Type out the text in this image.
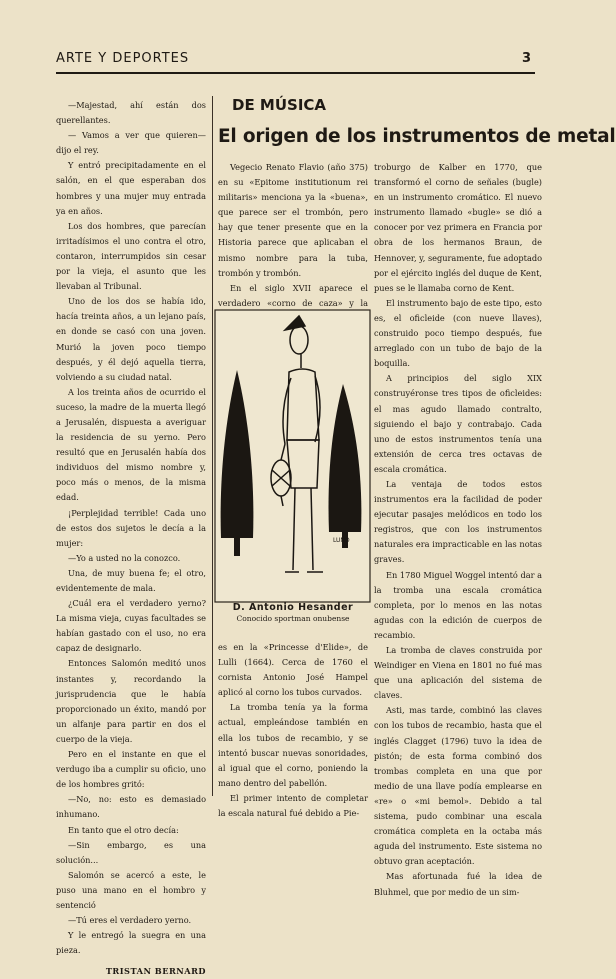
ARTE Y DEPORTES	3

—Majestad, ahí están dos querellantes.

— Vamos a ver que quieren— dijo el rey.

Y entró precipitadamente en el salón, en el que esperaban dos hombres y una mujer muy entrada ya en años.

Los dos hombres, que parecían irritadísimos el uno contra el otro, contaron, interrumpidos sin cesar por la vieja, el asunto que les llevaban al Tribunal.

Uno de los dos se había ido, hacía treinta años, a un lejano país, en donde se casó con una joven. Murió la joven poco tiempo después, y él dejó aquella tierra, volviendo a su ciudad natal.

A los treinta años de ocurrido el suceso, la madre de la muerta llegó a Jerusalén, dispuesta a averiguar la residencia de su yerno. Pero resultó que en Jerusalén había dos individuos del mismo nombre y, poco más o menos, de la misma edad.

¡Perplejidad terrible! Cada uno de estos dos sujetos le decía a la mujer:

—Yo a usted no la conozco.

Una, de muy buena fe; el otro, evidentemente de mala.

¿Cuál era el verdadero yerno? La misma vieja, cuyas facultades se habían gastado con el uso, no era capaz de designarlo.

Entonces Salomón meditó unos instantes y, recordando la jurisprudencia que le había proporcionado un éxito, mandó por un alfanje para partir en dos el cuerpo de la vieja.

Pero en el instante en que el verdugo iba a cumplir su oficio, uno de los hombres gritó:

—No, no: esto es demasiado inhumano.

En tanto que el otro decía:

—Sin embargo, es una solución...

Salomón se acercó a este, le puso una mano en el hombro y sentenció

—Tú eres el verdadero yerno.

Y le entregó la suegra en una pieza.

TRISTAN BERNARD
DE MÚSICA
El origen de los instrumentos de metal

Vegecio Renato Flavio (año 375) en su «Epitome institutionum rei militaris» menciona ya la «buena», que parece ser el trombón, pero hay que tener presente que en la Historia parece que aplicaban el mismo nombre para la tuba, trombón y trombón.

En el siglo XVII aparece el verdadero «corno de caza» y la

LUNO
D. Antonio Hesander
Conocido sportman onubense

es en la «Princesse d'Elide», de Lulli (1664). Cerca de 1760 el cornista Antonio José Hampel aplicó al corno los tubos curvados.

La tromba tenía ya la forma actual, empleándose también en ella los tubos de recambio, y se intentó buscar nuevas sonoridades, al igual que el corno, poniendo la mano dentro del pabellón.

El primer intento de completar la escala natural fué debido a Pie-

troburgo de Kalber en 1770, que transformó el corno de señales (bugle) en un instrumento cromático. El nuevo instrumento llamado «bugle» se dió a conocer por vez primera en Francia por obra de los hermanos Braun, de Hennover, y, seguramente, fue adoptado por el ejército inglés del duque de Kent, pues se le llamaba corno de Kent.

El instrumento bajo de este tipo, esto es, el oficleide (con nueve llaves), construido poco tiempo después, fue arreglado con un tubo de bajo de la boquilla.

A principios del siglo XIX construyéronse tres tipos de oficleides: el mas agudo llamado contralto, siguiendo el bajo y contrabajo. Cada uno de estos instrumentos tenía una extensión de cerca tres octavas de escala cromática.

La ventaja de todos estos instrumentos era la facilidad de poder ejecutar pasajes melódicos en todo los registros, que con los instrumentos naturales era impracticable en las notas graves.

En 1780 Miguel Woggel intentó dar a la tromba una escala cromática completa, por lo menos en las notas agudas con la edición de cuerpos de recambio.

La tromba de claves construida por Weindiger en Viena en 1801 no fué mas que una aplicación del sistema de claves.

Asti, mas tarde, combinó las claves con los tubos de recambio, hasta que el inglés Clagget (1796) tuvo la idea de pistón; de esta forma combinó dos trombas completa en una que por medio de una llave podía emplearse en «re» o «mi bemol». Debido a tal sistema, pudo combinar una escala cromática completa en la octaba más aguda del instrumento. Este sistema no obtuvo gran aceptación.

Mas afortunada fué la idea de Bluhmel, que por medio de un sim-
